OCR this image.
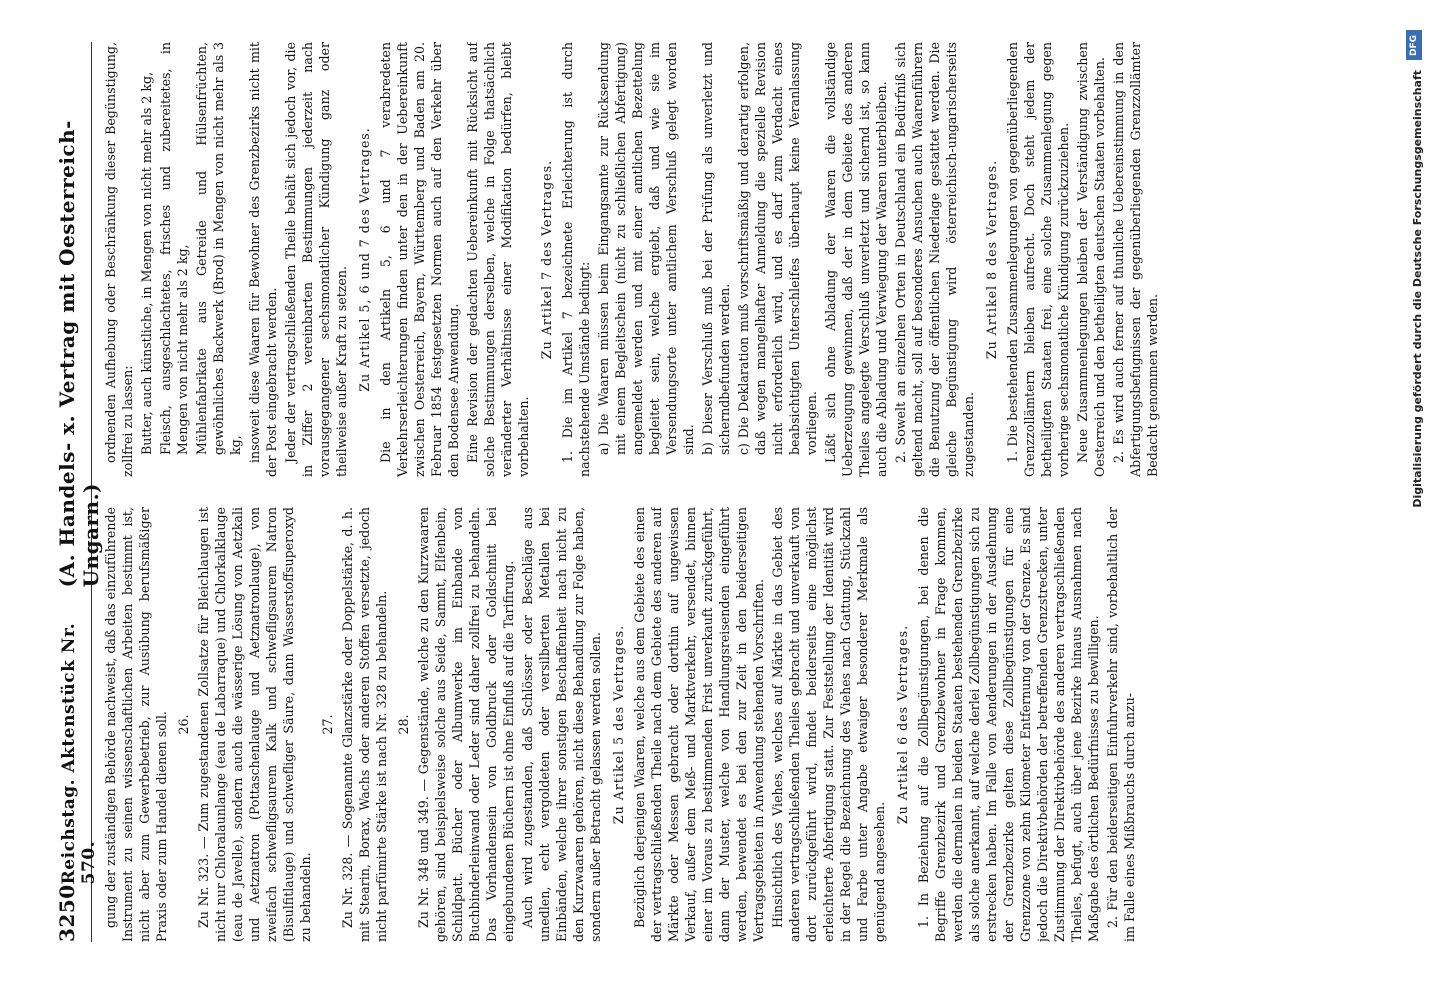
3250
Reichstag. Aktenstück Nr. 570.
(A. Handels- x. Vertrag mit Oesterreich-Ungarn.) gung der zuständigen Behörde nachweist, daß das einzuführende Instrument zu seinen wissenschaftlichen Arbeiten bestimmt ist, nicht aber zum Gewerbebetrieb, zur Ausübung berufsmäßiger Praxis oder zum Handel dienen soll. 26. Zu Nr. 323. — Zum zugestandenen Zollsatze für Bleichlaugen ist nicht nur Chloralaunlange (eau de Labarraque) und Chlorkalklauge (eau de Javelle), sondern auch die wässerige Lösung von Aetzkali und Aetznatron (Pottaschenlauge und Aetznatronlauge), von zweifach schwefligsaurem Kalk und schwefligsaurem Natron (Bisulfitlauge) und schwefliger Säure, dann Wasserstoffsuperoxyd zu behandeln.

27. Zu Nr. 328. — Sogenannte Glanzstärke oder Doppelstärke, d. h. mit Stearin, Borax, Wachs oder anderen Stoffen versetzte, jedoch nicht parfümirte Stärke ist nach Nr. 328 zu behandeln. 28. Zu Nr. 348 und 349. — Gegenstände, welche zu den Kurzwaaren gehören, sind beispielsweise solche aus Seide, Sammt, Elfenbein, Schildpatt. Bücher oder Albumwerke im Einbande von Buchbinderleinwand oder Leder sind daher zollfrei zu behandeln. Das Vorhandensein von Goldbruck oder Goldschnitt bei eingebundenen Büchern ist ohne Einfluß auf die Tarifirung. Auch wird zugestanden, daß Schlösser oder Beschläge aus unedlen, echt vergoldeten oder versilberten Metallen bei Einbänden, welche ihrer sonstigen Beschaffenheit nach nicht zu den Kurzwaaren gehören, nicht diese Behandlung zur Folge haben, sondern außer Betracht gelassen werden sollen. Zu Artikel 5 des Vertrages. Bezüglich derjenigen Waaren, welche aus dem Gebiete des einen der vertragschließenden Theile nach dem Gebiete des anderen auf Märkte oder Messen gebracht oder dorthin auf ungewissen Verkauf, außer dem Meß- und Marktverkehr, versendet, binnen einer im Voraus zu bestimmenden Frist unverkauft zurückgeführt, dann der Muster, welche von Handlungsreisenden eingeführt werden, bewendet es bei den zur Zeit in den beiderseitigen Vertragsgebieten in Anwendung stehenden Vorschriften. Hinsichtlich des Viehes, welches auf Märkte in das Gebiet des anderen vertragschließenden Theiles gebracht und unverkauft von dort zurückgeführt wird, findet beiderseits eine möglichst erleichterte Abfertigung statt. Zur Feststellung der Identität wird in der Regel die Bezeichnung des Viehes nach Gattung, Stückzahl und Farbe unter Angabe etwaiger besonderer Merkmale als genügend angesehen.

Zu Artikel 6 des Vertrages. 1. In Beziehung auf die Zollbegünstigungen, bei denen die Begriffe Grenzbezirk und Grenzbewohner in Frage kommen, werden die dermalen in beiden Staaten bestehenden Grenzbezirke als solche anerkannt, auf welche derlei Zollbegünstigungen sich zu erstrecken haben. Im Falle von Aenderungen in der Ausdehnung der Grenzbezirke gelten diese Zollbegünstigungen für eine Grenzzone von zehn Kilometer Entfernung von der Grenze. Es sind jedoch die Direktivbehörden der betreffenden Grenzstrecken, unter Zustimmung der Direktivbehörde des anderen vertragschließenden Theiles, befugt, auch über jene Bezirke hinaus Ausnahmen nach Maßgabe des örtlichen Bedürfnisses zu bewilligen. 2. Für den beiderseitigen Einfuhrverkehr sind, vorbehaltlich der im Falle eines Mißbrauchs durch anzu-

ordnenden Aufhebung oder Beschränkung dieser Begünstigung, zollfrei zu lassen: Butter, auch künstliche, in Mengen von nicht mehr als 2 kg, Fleisch, ausgeschlachtetes, frisches und zubereitetes, in Mengen von nicht mehr als 2 kg, Mühlenfabrikate aus Getreide und Hülsenfrüchten, gewöhnliches Backwerk (Brod) in Mengen von nicht mehr als 3 kg, insoweit diese Waaren für Bewohner des Grenzbezirks nicht mit der Post eingebracht werden. Jeder der vertragschließenden Theile behält sich jedoch vor, die in Ziffer 2 vereinbarten Bestimmungen jederzeit nach vorausgegangener sechsmonatlicher Kündigung ganz oder theilweise außer Kraft zu setzen. Zu Artikel 5, 6 und 7 des Vertrages. Die in den Artikeln 5, 6 und 7 verabredeten Verkehrserleichterungen finden unter den in der Uebereinkunft zwischen Oesterreich, Bayern, Württemberg und Baden am 20. Februar 1854 festgesetzten Normen auch auf den Verkehr über den Bodensee Anwendung. Eine Revision der gedachten Uebereinkunft mit Rücksicht auf solche Bestimmungen derselben, welche in Folge thatsächlich veränderter Verhältnisse einer Modifikation bedürfen, bleibt vorbehalten.

Zu Artikel 7 des Vertrages. 1. Die im Artikel 7 bezeichnete Erleichterung ist durch nachstehende Umstände bedingt: a) Die Waaren müssen beim Eingangsamte zur Rücksendung mit einem Begleitschein (nicht zu schließlichen Abfertigung) angemeldet werden und mit einer amtlichen Bezettelung begleitet sein, welche ergiebt, daß und wie sie im Versendungsorte unter amtlichem Verschluß gelegt worden sind. b) Dieser Verschluß muß bei der Prüfung als unverletzt und sicherndbefunden werden. c) Die Deklaration muß vorschriftsmäßig und derartig erfolgen, daß wegen mangelhafter Anmeldung die spezielle Revision nicht erforderlich wird, und es darf zum Verdacht eines beabsichtigten Unterschleifes überhaupt keine Veranlassung vorliegen. Läßt sich ohne Abladung der Waaren die vollständige Ueberzeugung gewinnen, daß der in dem Gebiete des anderen Theiles angelegte Verschluß unverletzt und sichernd ist, so kann auch die Abladung und Verwiegung der Waaren unterbleiben. 2. Sowelt an einzelnen Orten in Deutschland ein Bedürfniß sich geltend macht, soll auf besonderes Ansuchen auch Waarenführern die Benutzung der öffentlichen Niederlage gestattet werden. Die gleiche Begünstigung wird österreichisch-ungarischerseits zugestanden.

Zu Artikel 8 des Vertrages. 1. Die bestehenden Zusammenlegungen von gegenüberliegenden Grenzzollämtern bleiben aufrecht. Doch steht jedem der betheiligten Staaten frei, eine solche Zusammenlegung gegen vorherige sechsmonatliche Kündigung zurückzuziehen. Neue Zusammenlegungen bleiben der Verständigung zwischen Oesterreich und den betheiligten deutschen Staaten vorbehalten. 2. Es wird auch ferner auf thunliche Uebereinstimmung in den Abfertigungsbefugnissen der gegenüberliegenden Grenzzollämter Bedacht genommen werden.

DFG
Digitalisierung gefördert durch die Deutsche Forschungsgemeinschaft
